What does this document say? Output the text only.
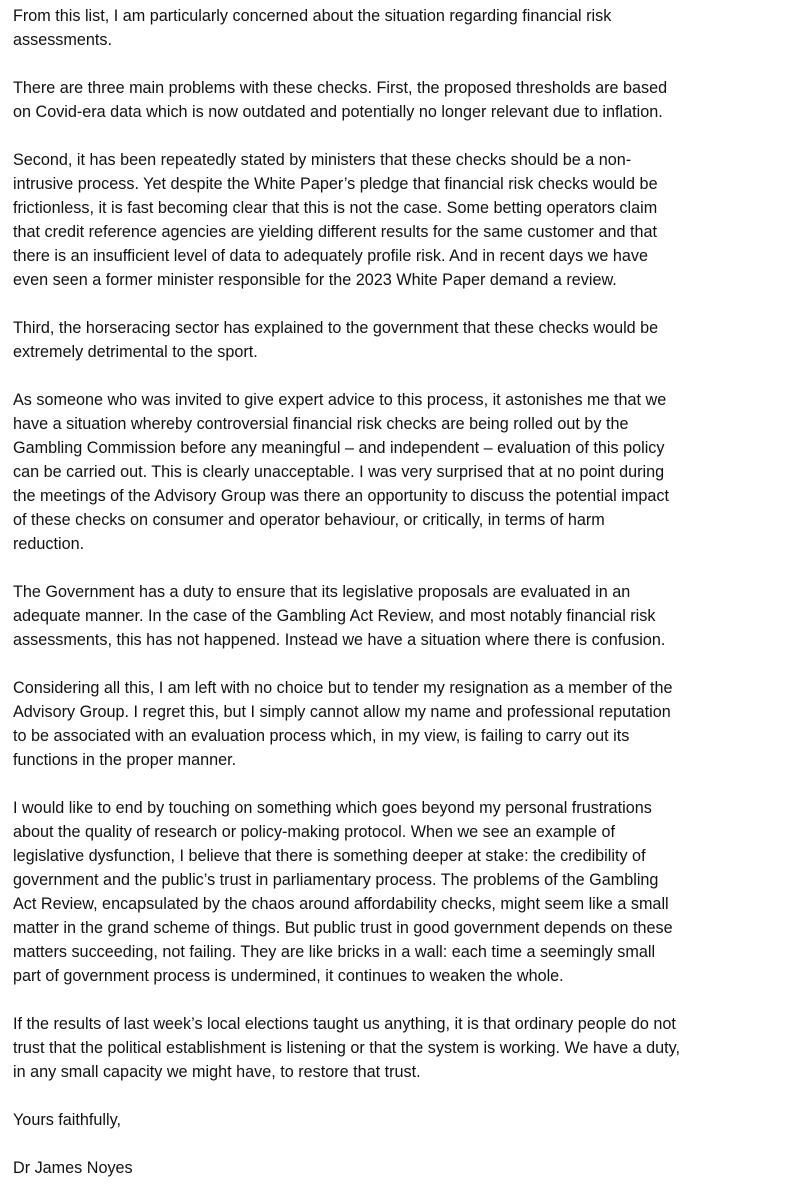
From this list, I am particularly concerned about the situation regarding financial risk
assessments.

There are three main problems with these checks. First, the proposed thresholds are based
on Covid-era data which is now outdated and potentially no longer relevant due to inflation.

Second, it has been repeatedly stated by ministers that these checks should be a non-
intrusive process. Yet despite the White Paper’s pledge that financial risk checks would be
frictionless, it is fast becoming clear that this is not the case. Some betting operators claim
that credit reference agencies are yielding different results for the same customer and that
there is an insufficient level of data to adequately profile risk. And in recent days we have
even seen a former minister responsible for the 2023 White Paper demand a review.

Third, the horseracing sector has explained to the government that these checks would be
extremely detrimental to the sport.

As someone who was invited to give expert advice to this process, it astonishes me that we
have a situation whereby controversial financial risk checks are being rolled out by the
Gambling Commission before any meaningful – and independent – evaluation of this policy
can be carried out. This is clearly unacceptable. I was very surprised that at no point during
the meetings of the Advisory Group was there an opportunity to discuss the potential impact
of these checks on consumer and operator behaviour, or critically, in terms of harm
reduction.

The Government has a duty to ensure that its legislative proposals are evaluated in an
adequate manner. In the case of the Gambling Act Review, and most notably financial risk
assessments, this has not happened. Instead we have a situation where there is confusion.

Considering all this, I am left with no choice but to tender my resignation as a member of the
Advisory Group. I regret this, but I simply cannot allow my name and professional reputation
to be associated with an evaluation process which, in my view, is failing to carry out its
functions in the proper manner.

I would like to end by touching on something which goes beyond my personal frustrations
about the quality of research or policy-making protocol. When we see an example of
legislative dysfunction, I believe that there is something deeper at stake: the credibility of
government and the public’s trust in parliamentary process. The problems of the Gambling
Act Review, encapsulated by the chaos around affordability checks, might seem like a small
matter in the grand scheme of things. But public trust in good government depends on these
matters succeeding, not failing. They are like bricks in a wall: each time a seemingly small
part of government process is undermined, it continues to weaken the whole.

If the results of last week’s local elections taught us anything, it is that ordinary people do not
trust that the political establishment is listening or that the system is working. We have a duty,
in any small capacity we might have, to restore that trust.

Yours faithfully,

Dr James Noyes
